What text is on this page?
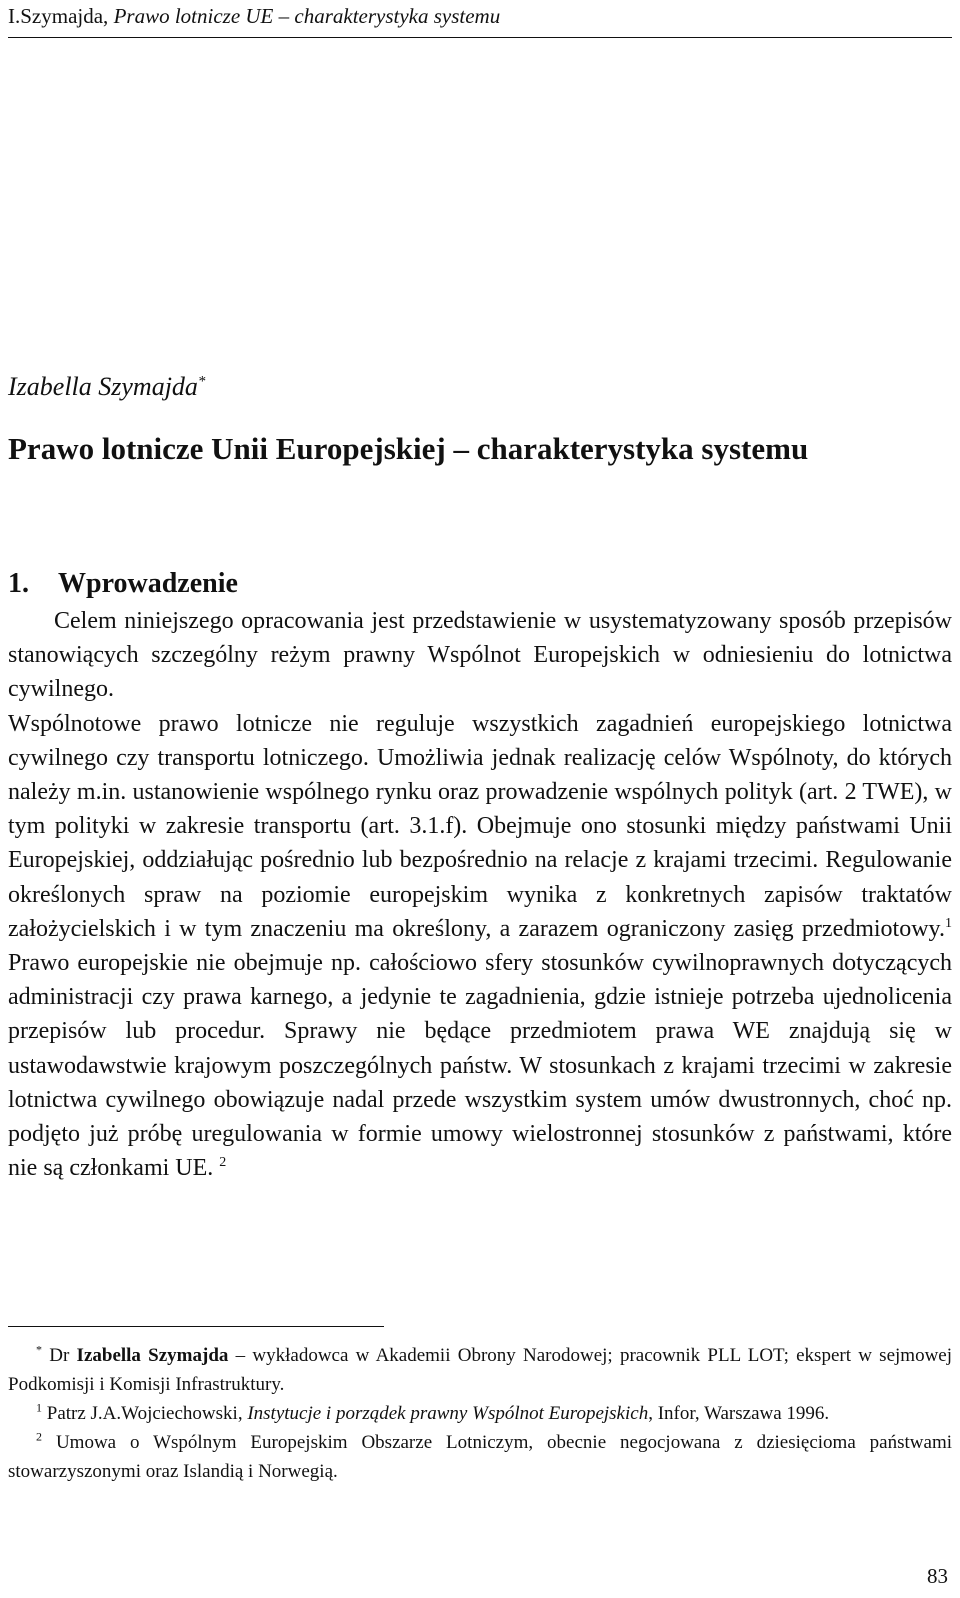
I.Szymajda, Prawo lotnicze UE – charakterystyka systemu
Izabella Szymajda*
Prawo lotnicze Unii Europejskiej – charakterystyka systemu
1. Wprowadzenie

Celem niniejszego opracowania jest przedstawienie w usystematyzowany sposób przepisów stanowiących szczególny reżym prawny Wspólnot Europejskich w odniesieniu do lotnictwa cywilnego.

Wspólnotowe prawo lotnicze nie reguluje wszystkich zagadnień europejskiego lotnictwa cywilnego czy transportu lotniczego. Umożliwia jednak realizację celów Wspólnoty, do których należy m.in. ustanowienie wspólnego rynku oraz prowadzenie wspólnych polityk (art. 2 TWE), w tym polityki w zakresie transportu (art. 3.1.f). Obejmuje ono stosunki między państwami Unii Europejskiej, oddziałując pośrednio lub bezpośrednio na relacje z krajami trzecimi. Regulowanie określonych spraw na poziomie europejskim wynika z konkretnych zapisów traktatów założycielskich i w tym znaczeniu ma określony, a zarazem ograniczony zasięg przedmiotowy.$^1$ Prawo europejskie nie obejmuje np. całościowo sfery stosunków cywilnoprawnych dotyczących administracji czy prawa karnego, a jedynie te zagadnienia, gdzie istnieje potrzeba ujednolicenia przepisów lub procedur. Sprawy nie będące przedmiotem prawa WE znajdują się w ustawodawstwie krajowym poszczególnych państw. W stosunkach z krajami trzecimi w zakresie lotnictwa cywilnego obowiązuje nadal przede wszystkim system umów dwustronnych, choć np. podjęto już próbę uregulowania w formie umowy wielostronnej stosunków z państwami, które nie są członkami UE. $^2$

* Dr Izabella Szymajda – wykładowca w Akademii Obrony Narodowej; pracownik PLL LOT; ekspert w sejmowej Podkomisji i Komisji Infrastruktury.

$^1$ Patrz J.A.Wojciechowski, Instytucje i porządek prawny Wspólnot Europejskich, Infor, Warszawa 1996.

$^2$ Umowa o Wspólnym Europejskim Obszarze Lotniczym, obecnie negocjowana z dziesięcioma państwami stowarzyszonymi oraz Islandią i Norwegią.

83
